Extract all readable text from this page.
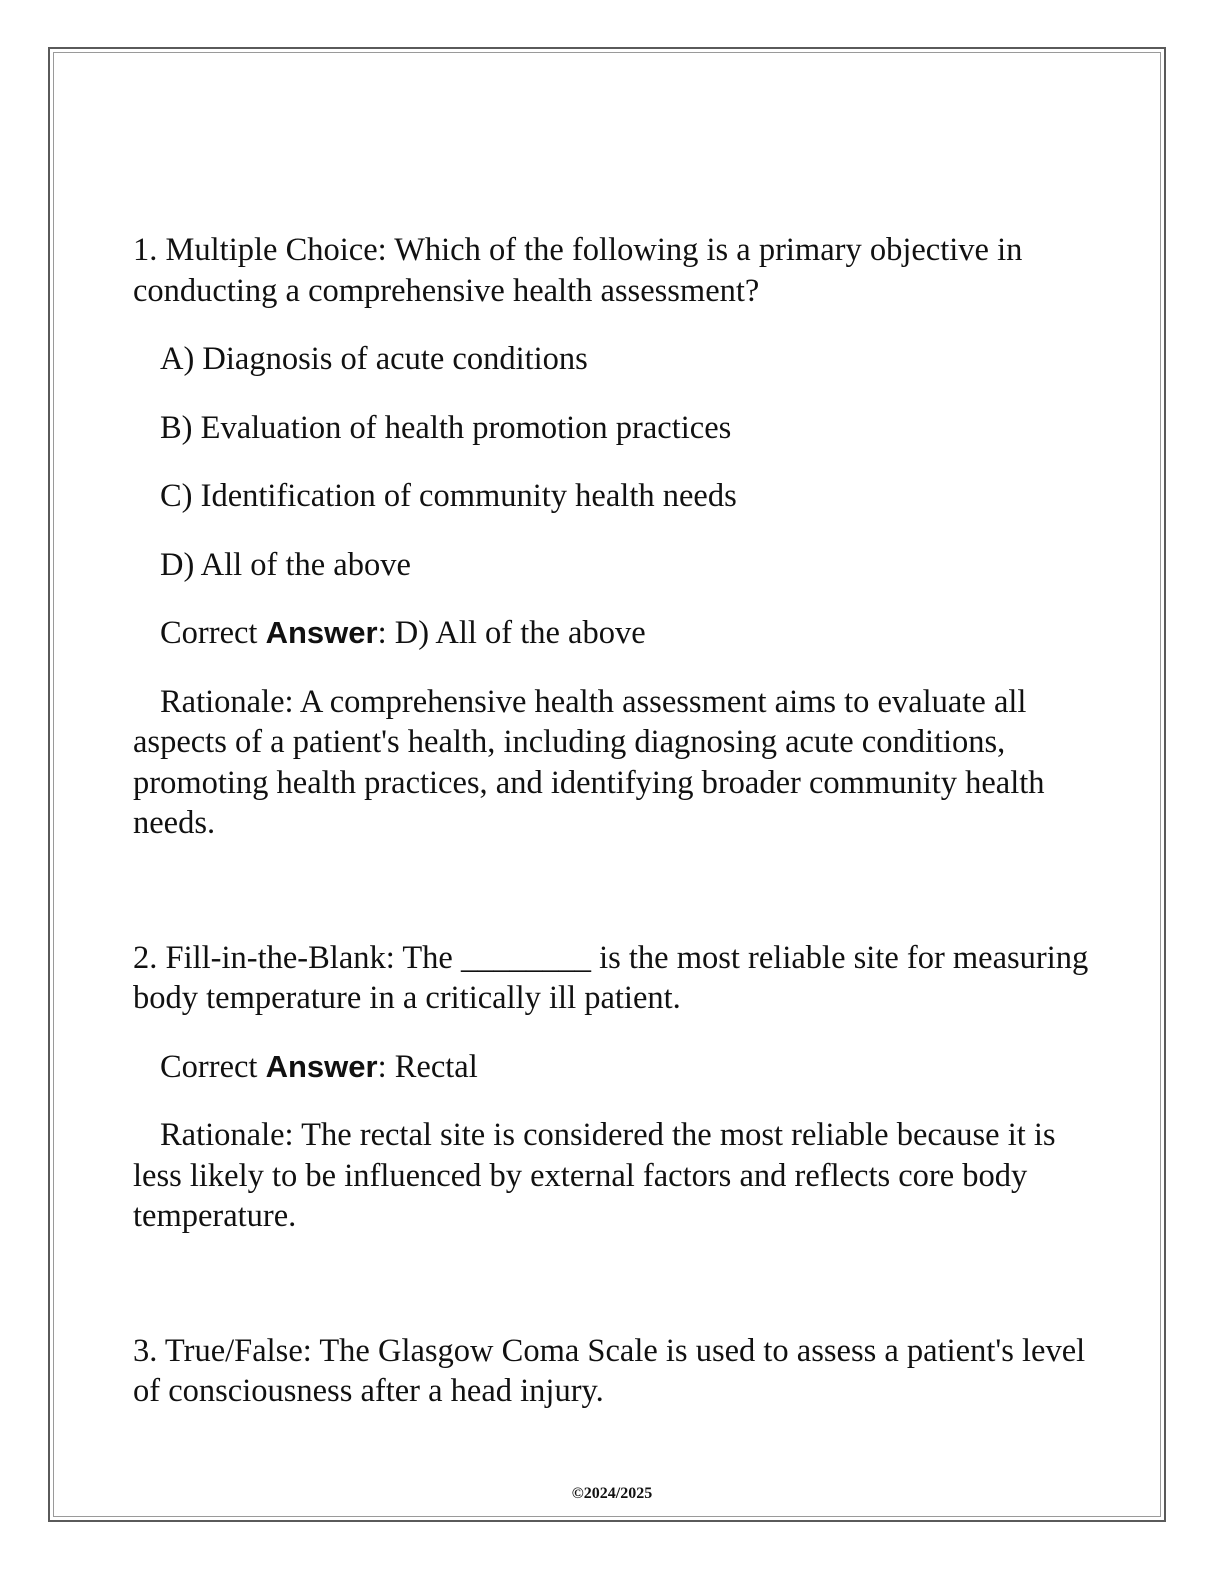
1. Multiple Choice: Which of the following is a primary objective in conducting a comprehensive health assessment?

A) Diagnosis of acute conditions

B) Evaluation of health promotion practices

C) Identification of community health needs

D) All of the above

Correct Answer: D) All of the above

Rationale: A comprehensive health assessment aims to evaluate all aspects of a patient's health, including diagnosing acute conditions, promoting health practices, and identifying broader community health needs.

2. Fill-in-the-Blank: The ________ is the most reliable site for measuring body temperature in a critically ill patient.

Correct Answer: Rectal

Rationale: The rectal site is considered the most reliable because it is less likely to be influenced by external factors and reflects core body temperature.

3. True/False: The Glasgow Coma Scale is used to assess a patient's level of consciousness after a head injury.

©2024/2025
